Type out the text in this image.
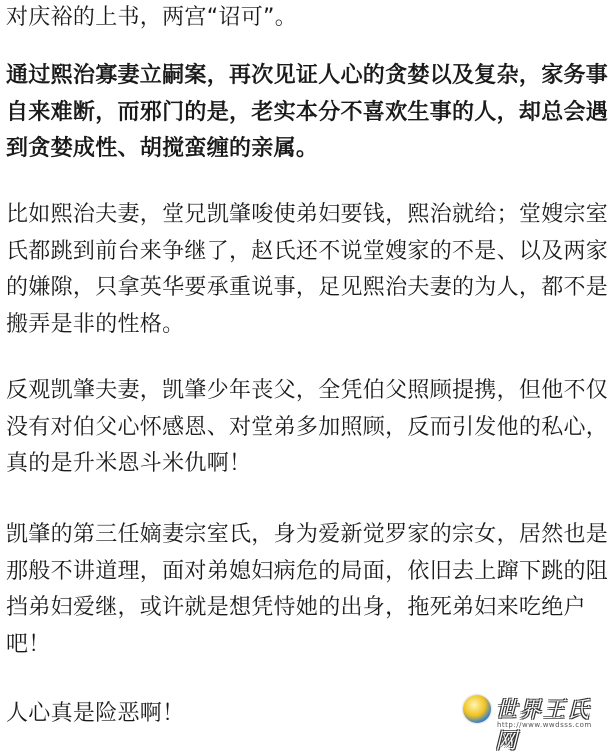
对庆裕的上书，两宫“诏可”。

通过熙治寡妻立嗣案，再次见证人心的贪婪以及复杂，家务事自来难断，而邪门的是，老实本分不喜欢生事的人，却总会遇到贪婪成性、胡搅蛮缠的亲属。

比如熙治夫妻，堂兄凯肇唆使弟妇要钱，熙治就给；堂嫂宗室氏都跳到前台来争继了，赵氏还不说堂嫂家的不是、以及两家的嫌隙，只拿英华要承重说事，足见熙治夫妻的为人，都不是搬弄是非的性格。

反观凯肇夫妻，凯肇少年丧父，全凭伯父照顾提携，但他不仅没有对伯父心怀感恩、对堂弟多加照顾，反而引发他的私心，真的是升米恩斗米仇啊！

凯肇的第三任嫡妻宗室氏，身为爱新觉罗家的宗女，居然也是那般不讲道理，面对弟媳妇病危的局面，依旧去上蹿下跳的阻挡弟妇爱继，或许就是想凭恃她的出身，拖死弟妇来吃绝户吧！

人心真是险恶啊！	世界王氏网
http://www.wwdsss.com
